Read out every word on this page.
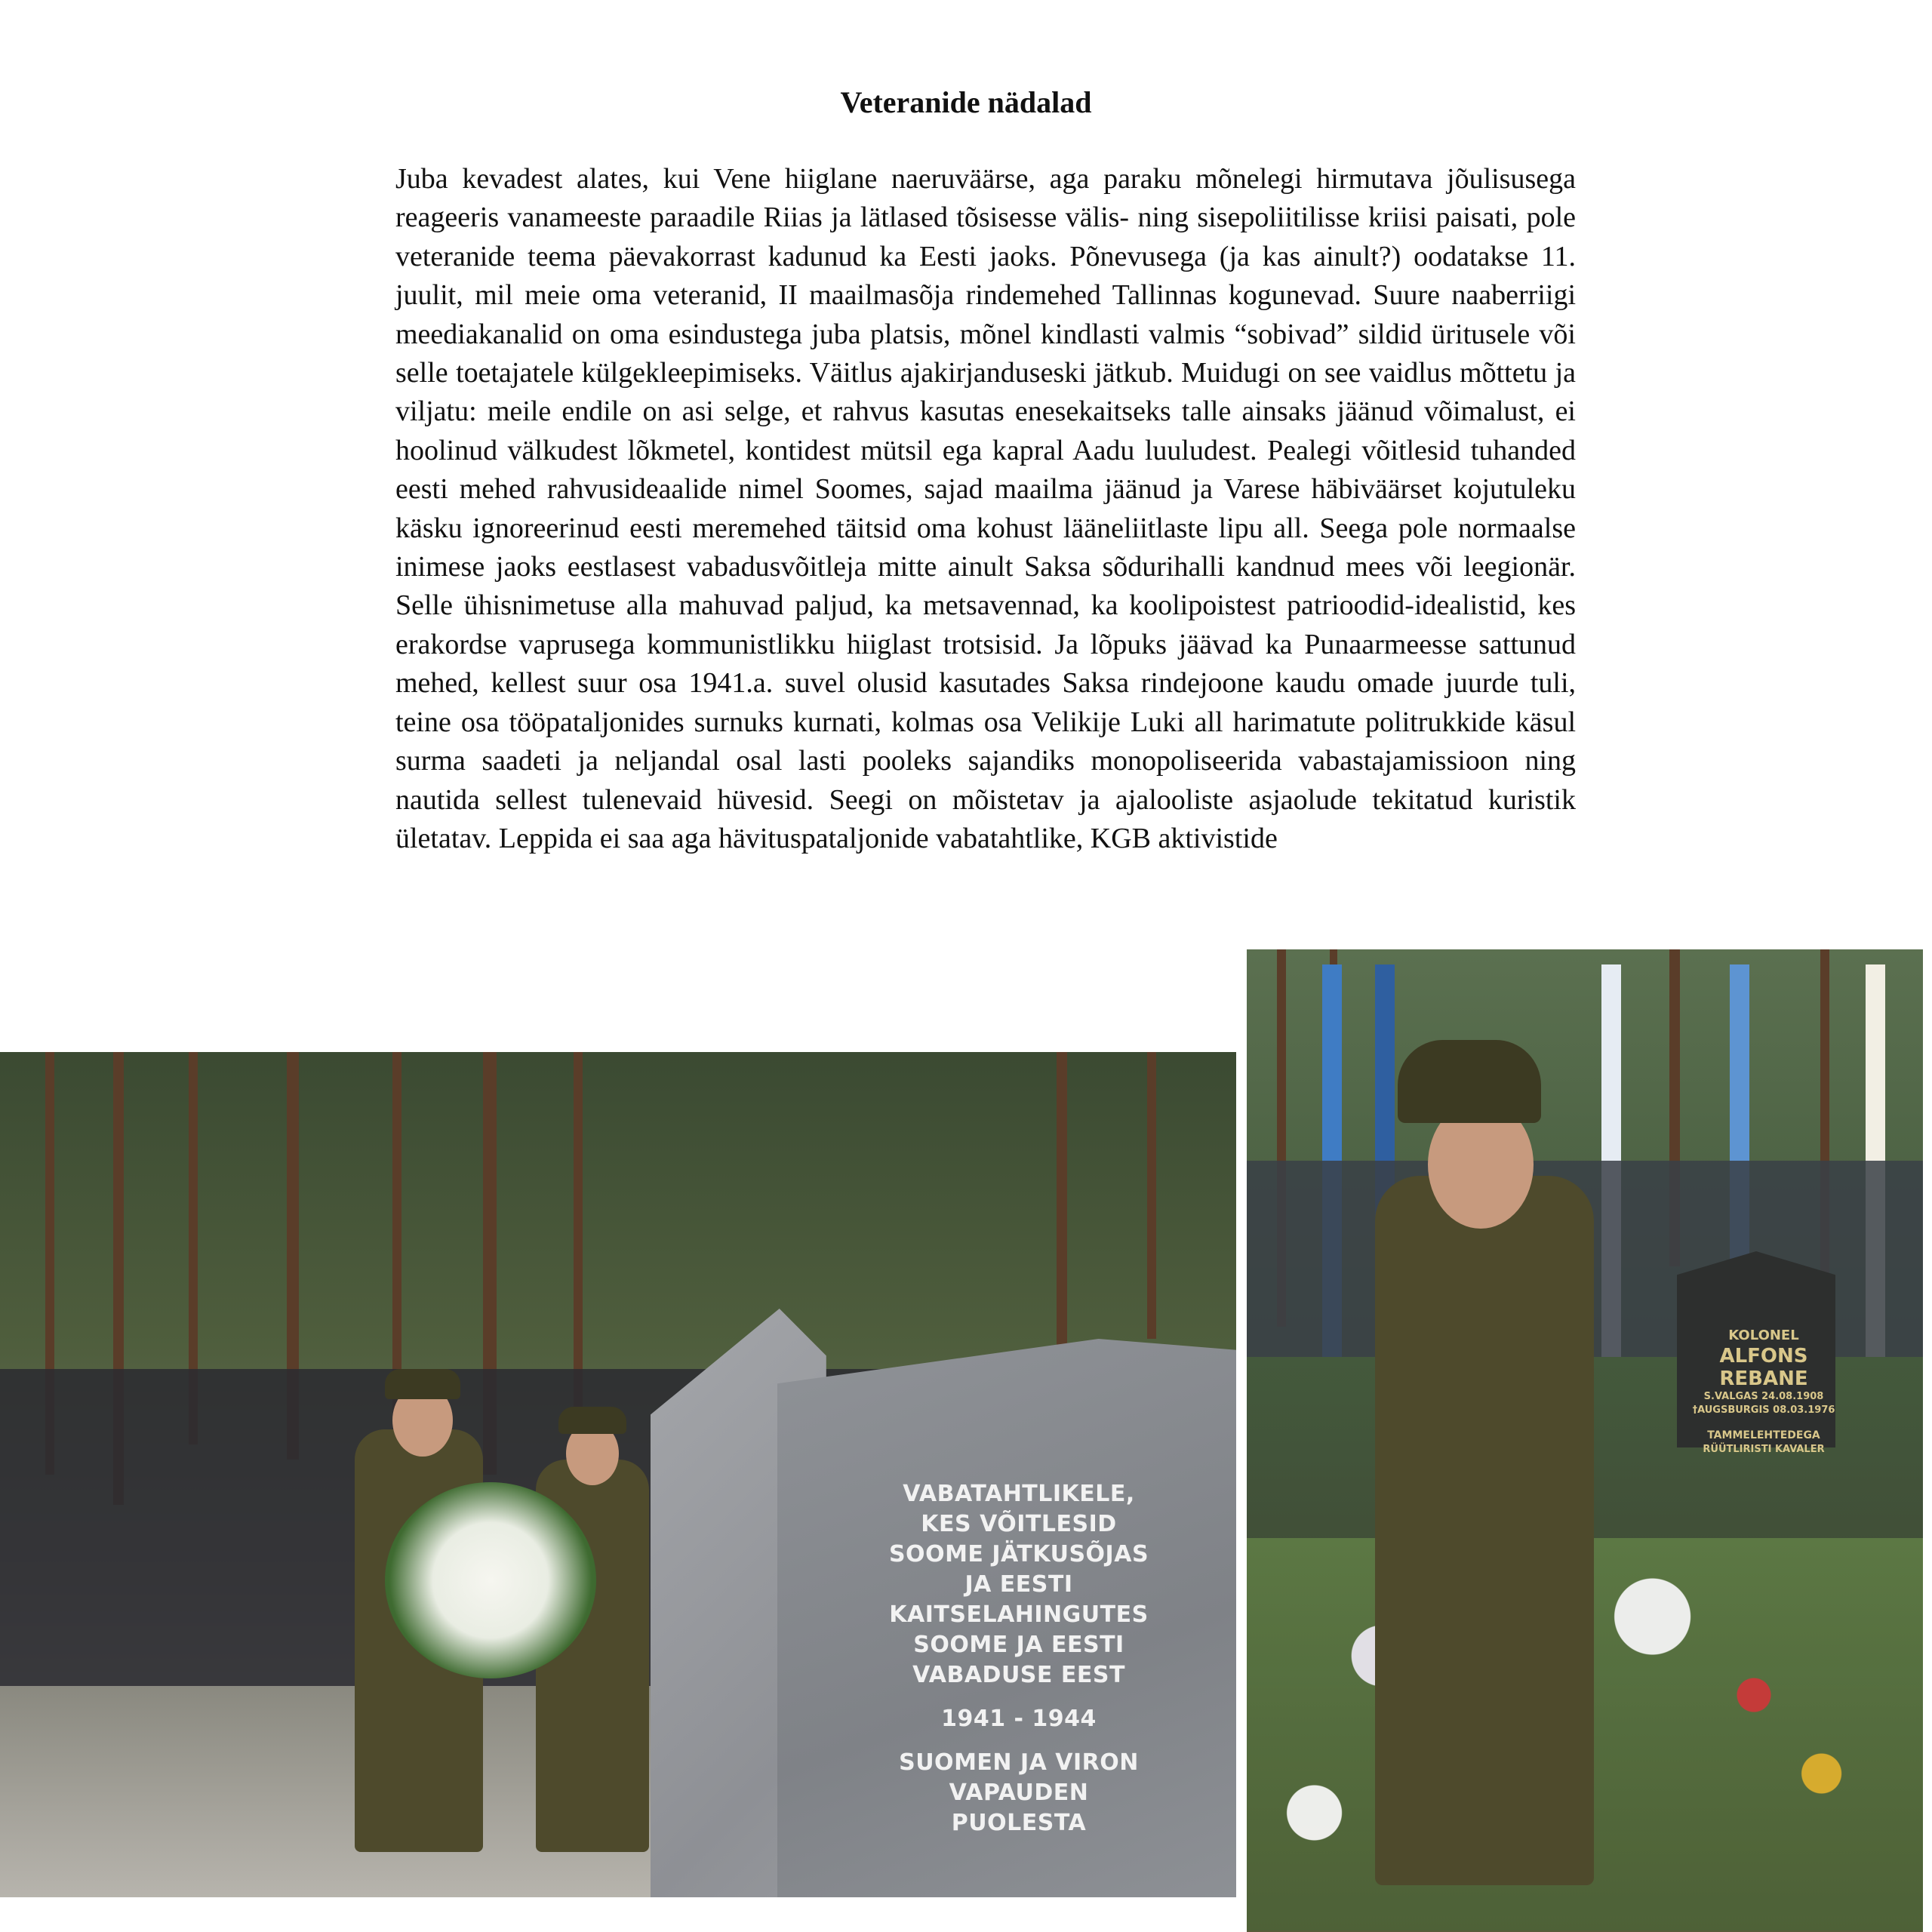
Veteranide nädalad
Juba kevadest alates, kui Vene hiiglane naeruväärse, aga paraku mõnelegi hirmutava jõulisusega reageeris vanameeste paraadile Riias ja lätlased tõsisesse välis- ning sisepoliitilisse kriisi paisati, pole veteranide teema päevakorrast kadunud ka Eesti jaoks. Põnevusega (ja kas ainult?) oodatakse 11. juulit, mil meie oma veteranid, II maailmasõja rindemehed Tallinnas kogunevad. Suure naaberriigi meediakanalid on oma esindustega juba platsis, mõnel kindlasti valmis “sobivad” sildid üritusele või selle toetajatele külgekleepimiseks. Väitlus ajakirjanduseski jätkub. Muidugi on see vaidlus mõttetu ja viljatu: meile endile on asi selge, et rahvus kasutas enesekaitseks talle ainsaks jäänud võimalust, ei hoolinud välkudest lõkmetel, kontidest mütsil ega kapral Aadu luuludest. Pealegi võitlesid tuhanded eesti mehed rahvusideaalide nimel Soomes, sajad maailma jäänud ja Varese häbiväärset kojutuleku käsku ignoreerinud eesti meremehed täitsid oma kohust lääneliitlaste lipu all. Seega pole normaalse inimese jaoks eestlasest vabadusvõitleja mitte ainult Saksa sõdurihalli kandnud mees või leegionär. Selle ühisnimetuse alla mahuvad paljud, ka metsavennad, ka koolipoistest patrioodid-idealistid, kes erakordse vaprusega kommunistlikku hiiglast trotsisid. Ja lõpuks jäävad ka Punaarmeesse sattunud mehed, kellest suur osa 1941.a. suvel olusid kasutades Saksa rindejoone kaudu omade juurde tuli, teine osa tööpataljonides surnuks kurnati, kolmas osa Velikije Luki all harimatute politrukkide käsul surma saadeti ja neljandal osal lasti pooleks sajandiks monopoliseerida vabastajamissioon ning nautida sellest tulenevaid hüvesid. Seegi on mõistetav ja ajalooliste asjaolude tekitatud kuristik ületatav. Leppida ei saa aga hävituspataljonide vabatahtlike, KGB aktivistide
VABATAHTLIKELE,
KES VÕITLESID
SOOME JÄTKUSÕJAS
JA EESTI
KAITSELAHINGUTES
SOOME JA EESTI
VABADUSE EEST
1941 - 1944
SUOMEN JA VIRON
VAPAUDEN
PUOLESTA
KOLONEL
ALFONS REBANE
S.VALGAS 24.08.1908
†AUGSBURGIS 08.03.1976
TAMMELEHTEDEGA
RÜÜTLIRISTI KAVALER
